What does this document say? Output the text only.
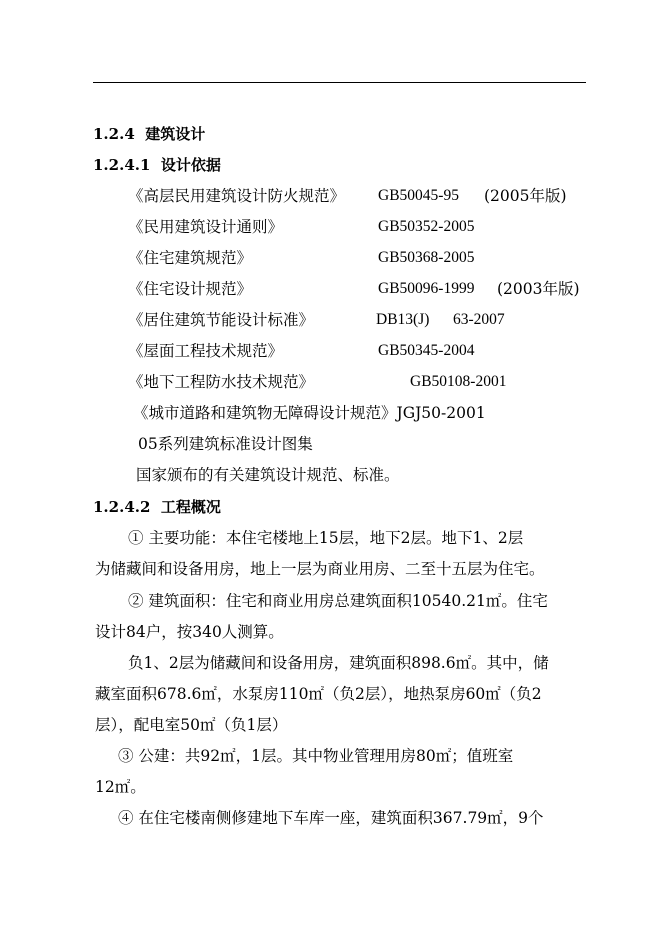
1.2.4 建筑设计
1.2.4.1 设计依据
《高层民用建筑设计防火规范》 GB50045-95 (2005年版)
《民用建筑设计通则》	GB50352-2005
《住宅建筑规范》	GB50368-2005
《住宅设计规范》	GB50096-1999 (2003年版)
《居住建筑节能设计标准》	DB13(J) 63-2007
《屋面工程技术规范》	GB50345-2004
《地下工程防水技术规范》	GB50108-2001
《城市道路和建筑物无障碍设计规范》JGJ50-2001
05系列建筑标准设计图集
国家颁布的有关建筑设计规范、标准。
1.2.4.2 工程概况
① 主要功能：本住宅楼地上15层，地下2层。地下1、2层
为储藏间和设备用房，地上一层为商业用房、二至十五层为住宅。
② 建筑面积：住宅和商业用房总建筑面积10540.21㎡。住宅
设计84户，按340人测算。
负1、2层为储藏间和设备用房，建筑面积898.6㎡。其中，储
藏室面积678.6㎡，水泵房110㎡（负2层），地热泵房60㎡（负2
层），配电室50㎡（负1层）
③ 公建：共92㎡，1层。其中物业管理用房80㎡；值班室
12㎡。
④ 在住宅楼南侧修建地下车库一座，建筑面积367.79㎡，9个
